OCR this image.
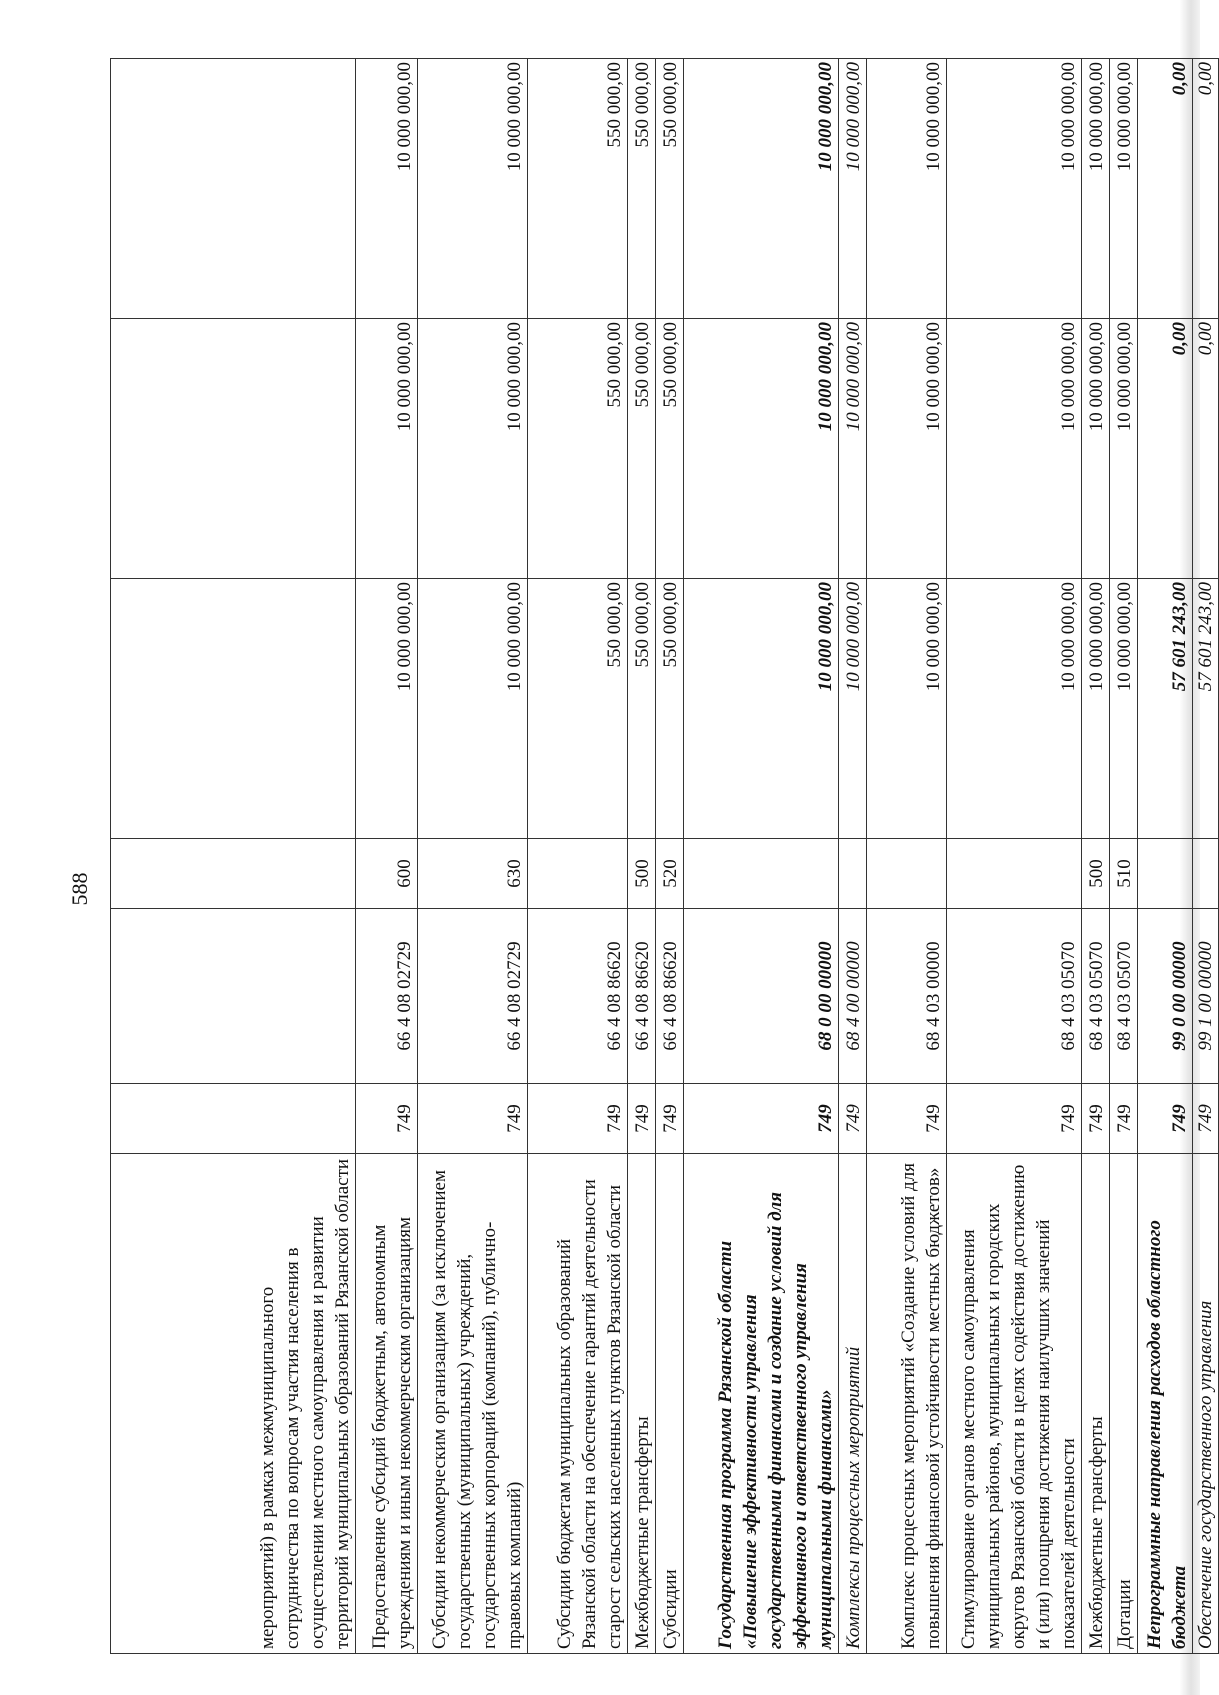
588
мероприятий) в рамках межмуниципального сотрудничества по вопросам участия населения в осуществлении местного самоуправления и развитии территорий муниципальных образований Рязанской области						
Предоставление субсидий бюджетным, автономным учреждениям и иным некоммерческим организациям	749	66 4 08 02729	600	10 000 000,00	10 000 000,00	10 000 000,00
Субсидии некоммерческим организациям (за исключением государственных (муниципальных) учреждений, государственных корпораций (компаний), публично-правовых компаний)	749	66 4 08 02729	630	10 000 000,00	10 000 000,00	10 000 000,00
Субсидии бюджетам муниципальных образований Рязанской области на обеспечение гарантий деятельности старост сельских населенных пунктов Рязанской области	749	66 4 08 86620		550 000,00	550 000,00	550 000,00
Межбюджетные трансферты	749	66 4 08 86620	500	550 000,00	550 000,00	550 000,00
Субсидии	749	66 4 08 86620	520	550 000,00	550 000,00	550 000,00
Государственная программа Рязанской области «Повышение эффективности управления государственными финансами и создание условий для эффективного и ответственного управления муниципальными финансами»	749	68 0 00 00000		10 000 000,00	10 000 000,00	10 000 000,00
Комплексы процессных мероприятий	749	68 4 00 00000		10 000 000,00	10 000 000,00	10 000 000,00
Комплекс процессных мероприятий «Создание условий для повышения финансовой устойчивости местных бюджетов»	749	68 4 03 00000		10 000 000,00	10 000 000,00	10 000 000,00
Стимулирование органов местного самоуправления муниципальных районов, муниципальных и городских округов Рязанской области в целях содействия достижению и (или) поощрения достижения наилучших значений показателей деятельности	749	68 4 03 05070		10 000 000,00	10 000 000,00	10 000 000,00
Межбюджетные трансферты	749	68 4 03 05070	500	10 000 000,00	10 000 000,00	10 000 000,00
Дотации	749	68 4 03 05070	510	10 000 000,00	10 000 000,00	10 000 000,00
Непрограммные направления расходов областного бюджета	749	99 0 00 00000		57 601 243,00	0,00	0,00
Обеспечение государственного управления	749	99 1 00 00000		57 601 243,00	0,00	0,00
